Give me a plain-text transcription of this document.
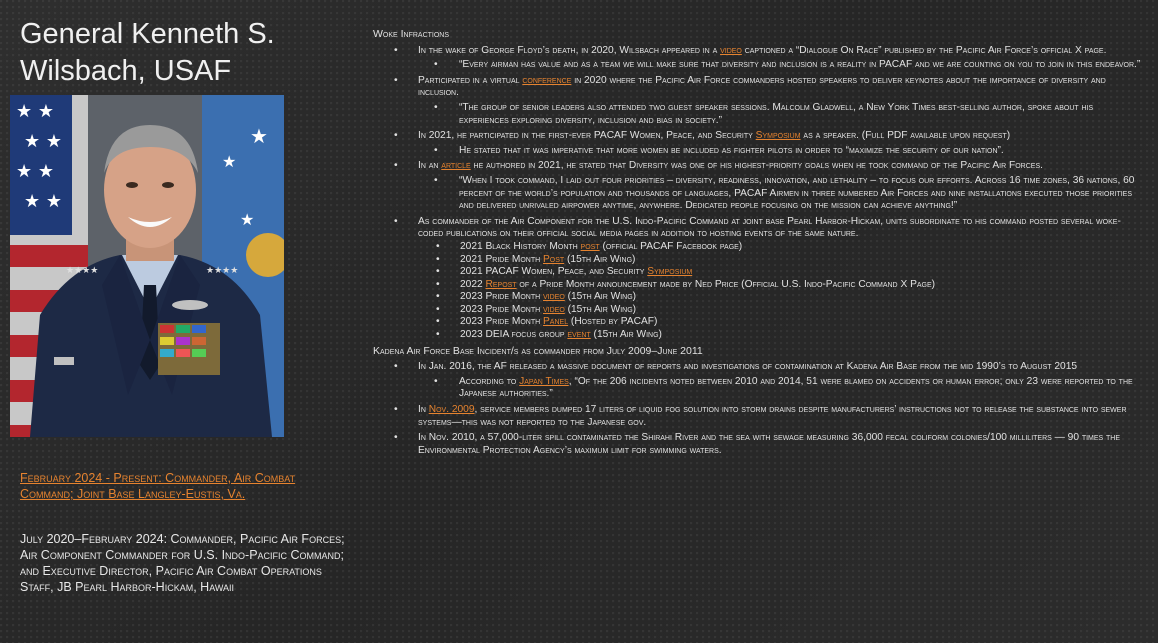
General Kenneth S. Wilsbach, USAF
★ ★
★ ★
★ ★
★ ★
★
★
★
★★★★	★★★★
February 2024 - Present: Commander, Air Combat Command; Joint Base Langley-Eustis, Va.
July 2020–February 2024: Commander, Pacific Air Forces; Air Component Commander for U.S. Indo-Pacific Command; and Executive Director, Pacific Air Combat Operations Staff, JB Pearl Harbor-Hickam, Hawaii
Woke Infractions
• In the wake of George Floyd’s death, in 2020, Wilsbach appeared in a video captioned a “Dialogue On Race” published by the Pacific Air Force’s official X page.
• “Every airman has value and as a team we will make sure that diversity and inclusion is a reality in PACAF and we are counting on you to join in this endeavor.”
• Participated in a virtual conference in 2020 where the Pacific Air Force commanders hosted speakers to deliver keynotes about the importance of diversity and inclusion.
• “The group of senior leaders also attended two guest speaker sessions. Malcolm Gladwell, a New York Times best-selling author, spoke about his experiences exploring diversity, inclusion and bias in society.”
• In 2021, he participated in the first-ever PACAF Women, Peace, and Security Symposium as a speaker. (Full PDF available upon request)
• He stated that it was imperative that more women be included as fighter pilots in order to “maximize the security of our nation”.
• In an article he authored in 2021, he stated that Diversity was one of his highest-priority goals when he took command of the Pacific Air Forces.
• “When I took command, I laid out four priorities – diversity, readiness, innovation, and lethality – to focus our efforts. Across 16 time zones, 36 nations, 60 percent of the world’s population and thousands of languages, PACAF Airmen in three numbered Air Forces and nine installations executed those priorities and delivered unrivaled airpower anytime, anywhere. Dedicated people focusing on the mission can achieve anything!”
• As commander of the Air Component for the U.S. Indo-Pacific Command at joint base Pearl Harbor-Hickam, units subordinate to his command posted several woke-coded publications on their official social media pages in addition to hosting events of the same nature.
• 2021 Black History Month post (official PACAF Facebook page)
• 2021 Pride Month Post (15th Air Wing)
• 2021 PACAF Women, Peace, and Security Symposium
• 2022 Repost of a Pride Month announcement made by Ned Price (Official U.S. Indo-Pacific Command X Page)
• 2023 Pride Month video (15th Air Wing)
• 2023 Pride Month video (15th Air Wing)
• 2023 Pride Month Panel (Hosted by PACAF)
• 2023 DEIA focus group event (15th Air Wing)
Kadena Air Force Base Incident/s as commander from July 2009–June 2011
• In Jan. 2016, the AF released a massive document of reports and investigations of contamination at Kadena Air Base from the mid 1990’s to August 2015
• According to Japan Times, “Of the 206 incidents noted between 2010 and 2014, 51 were blamed on accidents or human error; only 23 were reported to the Japanese authorities.”
• In Nov. 2009, service members dumped 17 liters of liquid fog solution into storm drains despite manufacturers’ instructions not to release the substance into sewer systems—this was not reported to the Japanese gov.
• In Nov. 2010, a 57,000-liter spill contaminated the Shirahi River and the sea with sewage measuring 36,000 fecal coliform colonies/100 milliliters — 90 times the Environmental Protection Agency’s maximum limit for swimming waters.
